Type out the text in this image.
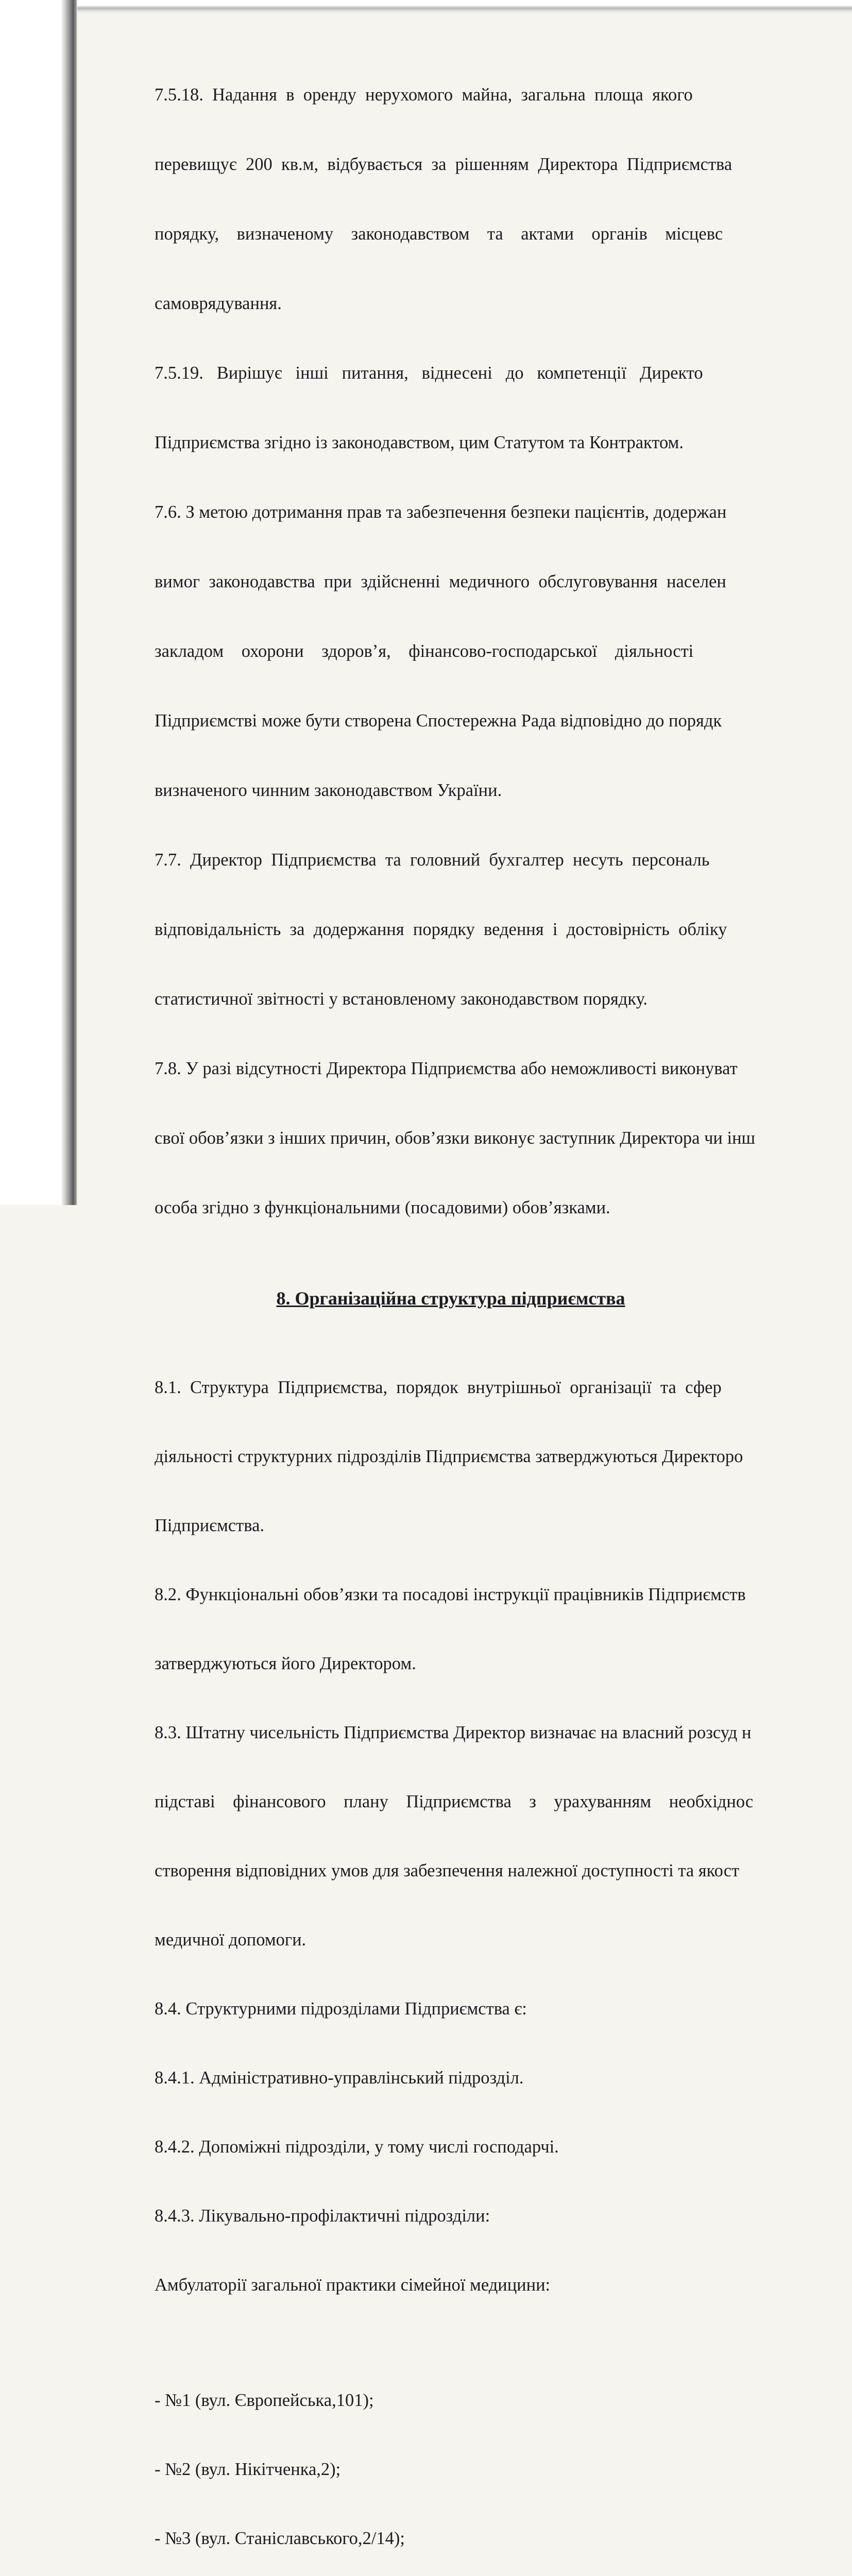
7.5.18.  Надання  в  оренду  нерухомого  майна,  загальна  площа  якого

перевищує  200  кв.м,  відбувається  за  рішенням  Директора  Підприємства

порядку,    визначеному    законодавством    та    актами    органів    місцевс

самоврядування.

7.5.19.   Вирішує   інші   питання,   віднесені   до   компетенції   Директо

Підприємства згідно із законодавством, цим Статутом та Контрактом.

7.6. З метою дотримання прав та забезпечення безпеки пацієнтів, додержан

вимог  законодавства  при  здійсненні  медичного  обслуговування  населен

закладом    охорони    здоров’я,    фінансово-господарської    діяльності

Підприємстві може бути створена Спостережна Рада відповідно до порядк

визначеного чинним законодавством України.

7.7.  Директор  Підприємства  та  головний  бухгалтер  несуть  персональ

відповідальність  за  додержання  порядку  ведення  і  достовірність  обліку

статистичної звітності у встановленому законодавством порядку.

7.8. У разі відсутності Директора Підприємства або неможливості виконуват

свої обов’язки з інших причин, обов’язки виконує заступник Директора чи інш

особа згідно з функціональними (посадовими) обов’язками.

8. Організаційна структура підприємства

8.1.  Структура  Підприємства,  порядок  внутрішньої  організації  та  сфер

діяльності структурних підрозділів Підприємства затверджуються Директоро

Підприємства.

8.2. Функціональні обов’язки та посадові інструкції працівників Підприємств

затверджуються його Директором.

8.3. Штатну чисельність Підприємства Директор визначає на власний розсуд н

підставі    фінансового    плану    Підприємства    з    урахуванням    необхіднос

створення відповідних умов для забезпечення належної доступності та якост

медичної допомоги.

8.4. Структурними підрозділами Підприємства є:

8.4.1. Адміністративно-управлінський підрозділ.

8.4.2. Допоміжні підрозділи, у тому числі господарчі.

8.4.3. Лікувально-профілактичні підрозділи:

Амбулаторії загальної практики сімейної медицини:

- №1 (вул. Європейська,101);

- №2 (вул. Нікітченка,2);

- №3 (вул. Станіславського,2/14);
